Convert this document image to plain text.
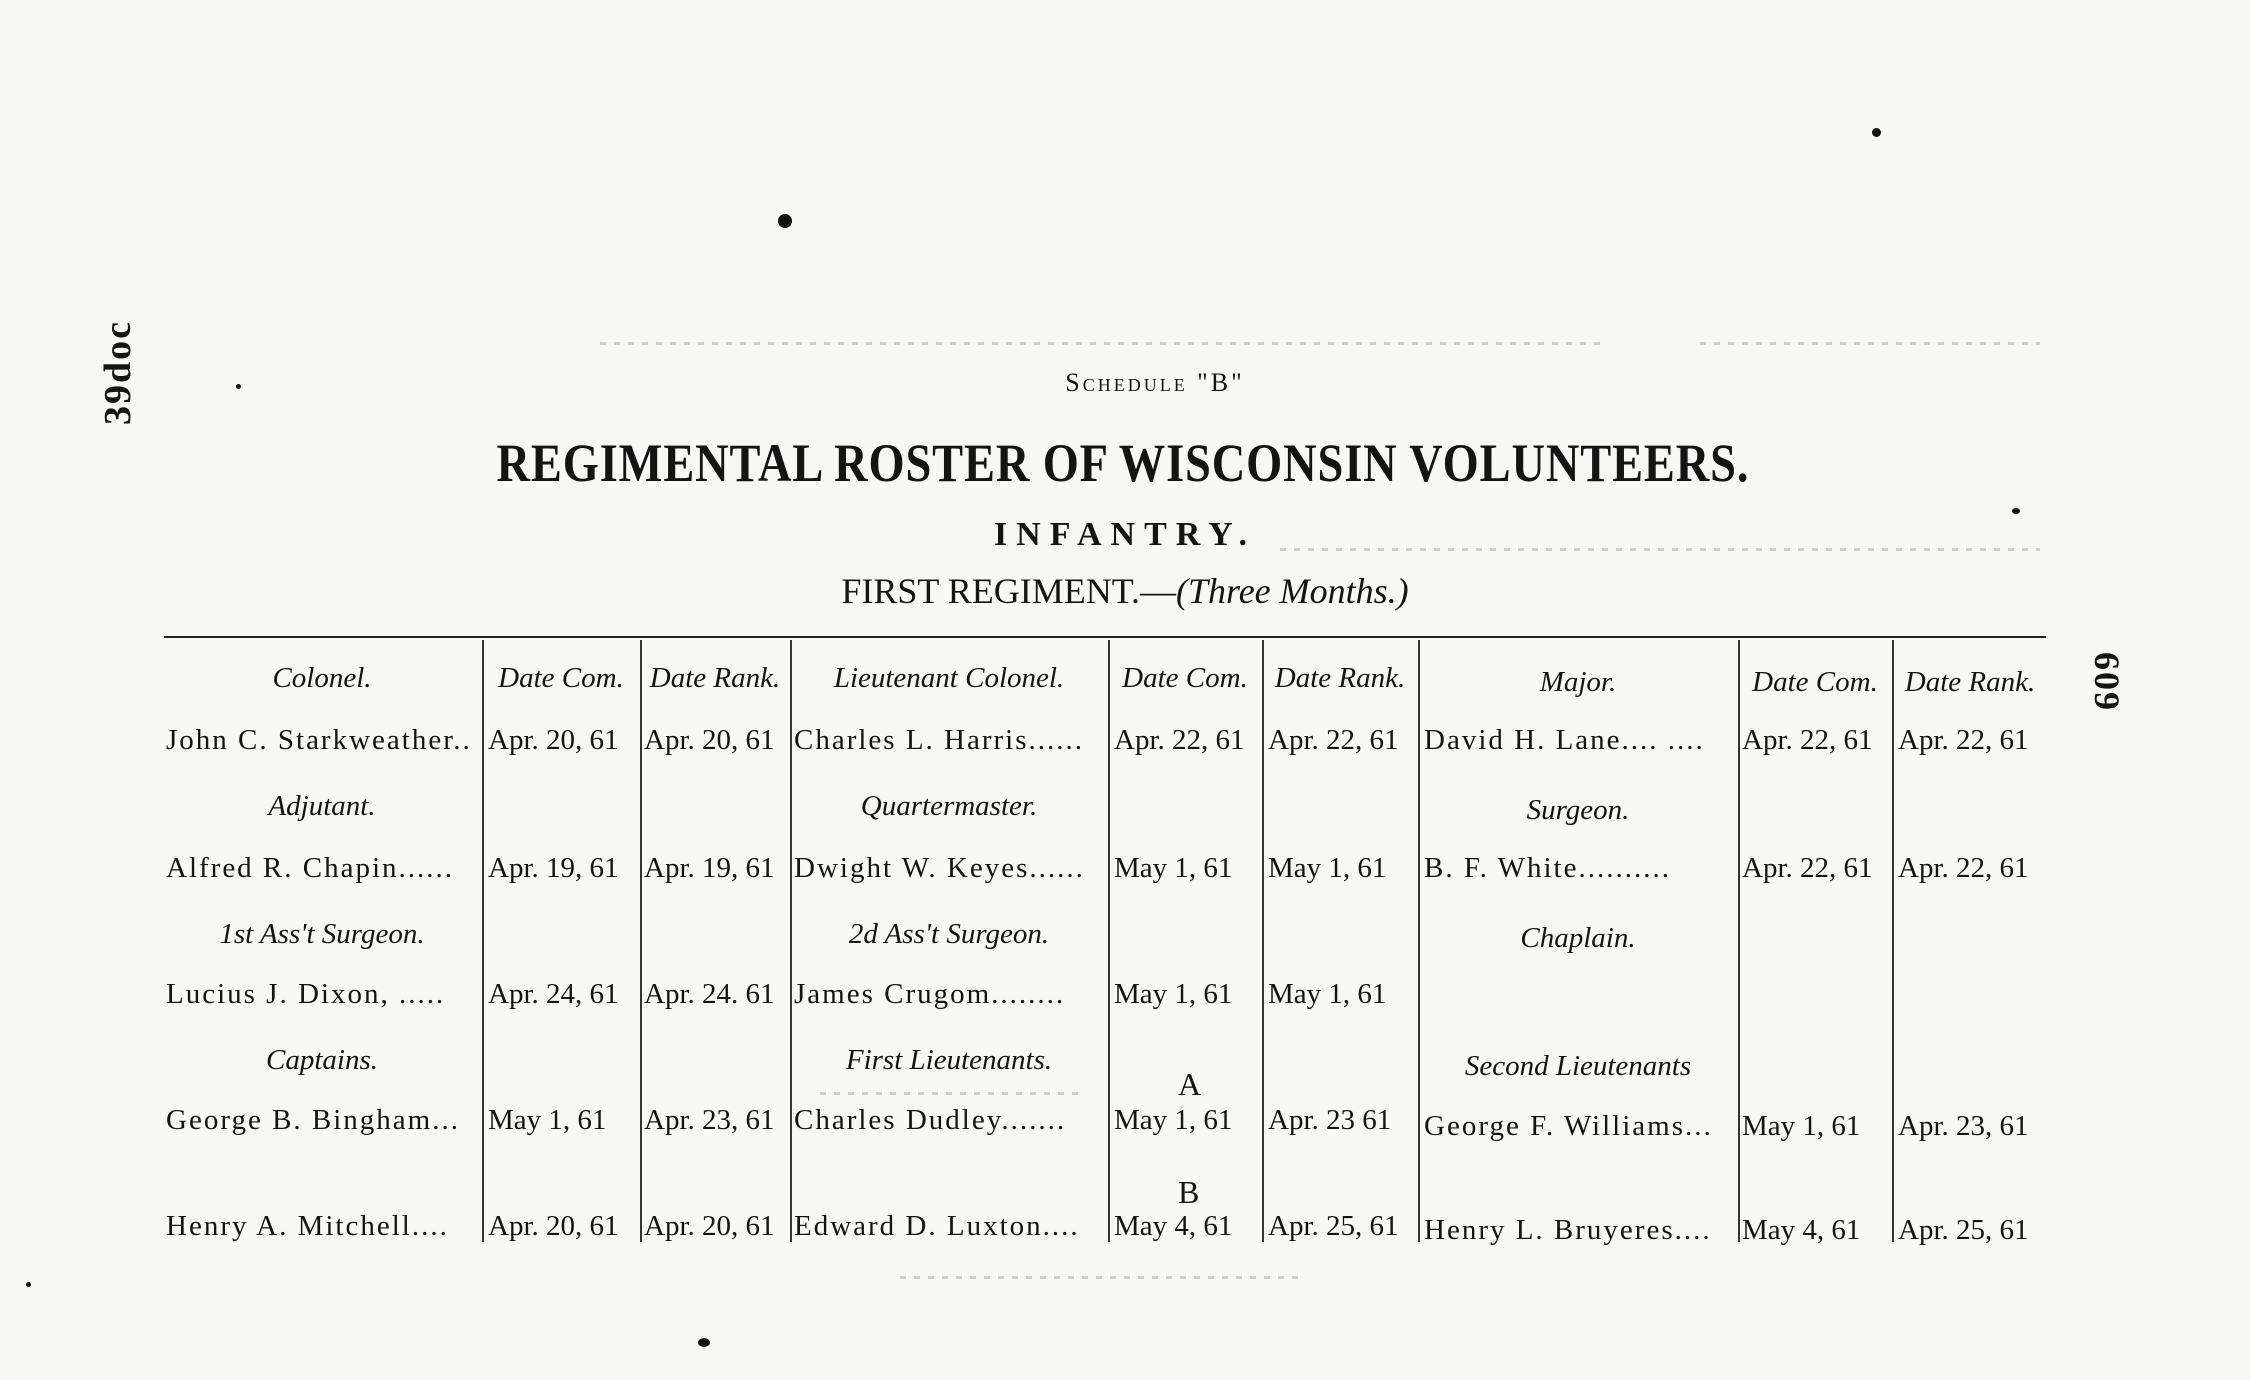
39doc
609
Schedule "B"
REGIMENTAL ROSTER OF WISCONSIN VOLUNTEERS.
INFANTRY.
FIRST REGIMENT.—(Three Months.)
Colonel.	Date Com. Date Rank.	Lieutenant Colonel.	Date Com. Date Rank.	Major.	Date Com. Date Rank.
John C. Starkweather.. Apr. 20, 61 Apr. 20, 61 Charles L. Harris...... Apr. 22, 61 Apr. 22, 61 David H. Lane.... .... Apr. 22, 61 Apr. 22, 61
Adjutant.	Quartermaster.	Surgeon.
Alfred R. Chapin...... Apr. 19, 61 Apr. 19, 61 Dwight W. Keyes...... May 1, 61 May 1, 61 B. F. White.......... Apr. 22, 61 Apr. 22, 61
1st Ass't Surgeon.	2d Ass't Surgeon.	Chaplain.
Lucius J. Dixon, ..... Apr. 24, 61 Apr. 24. 61 James Crugom........ May 1, 61 May 1, 61
Captains.	First Lieutenants.	Second Lieutenants
A
George B. Bingham... May 1, 61 Apr. 23, 61 Charles Dudley....... May 1, 61 Apr. 23 61 George F. Williams... May 1, 61 Apr. 23, 61
B
Henry A. Mitchell.... Apr. 20, 61 Apr. 20, 61 Edward D. Luxton.... May 4, 61 Apr. 25, 61 Henry L. Bruyeres.... May 4, 61 Apr. 25, 61
